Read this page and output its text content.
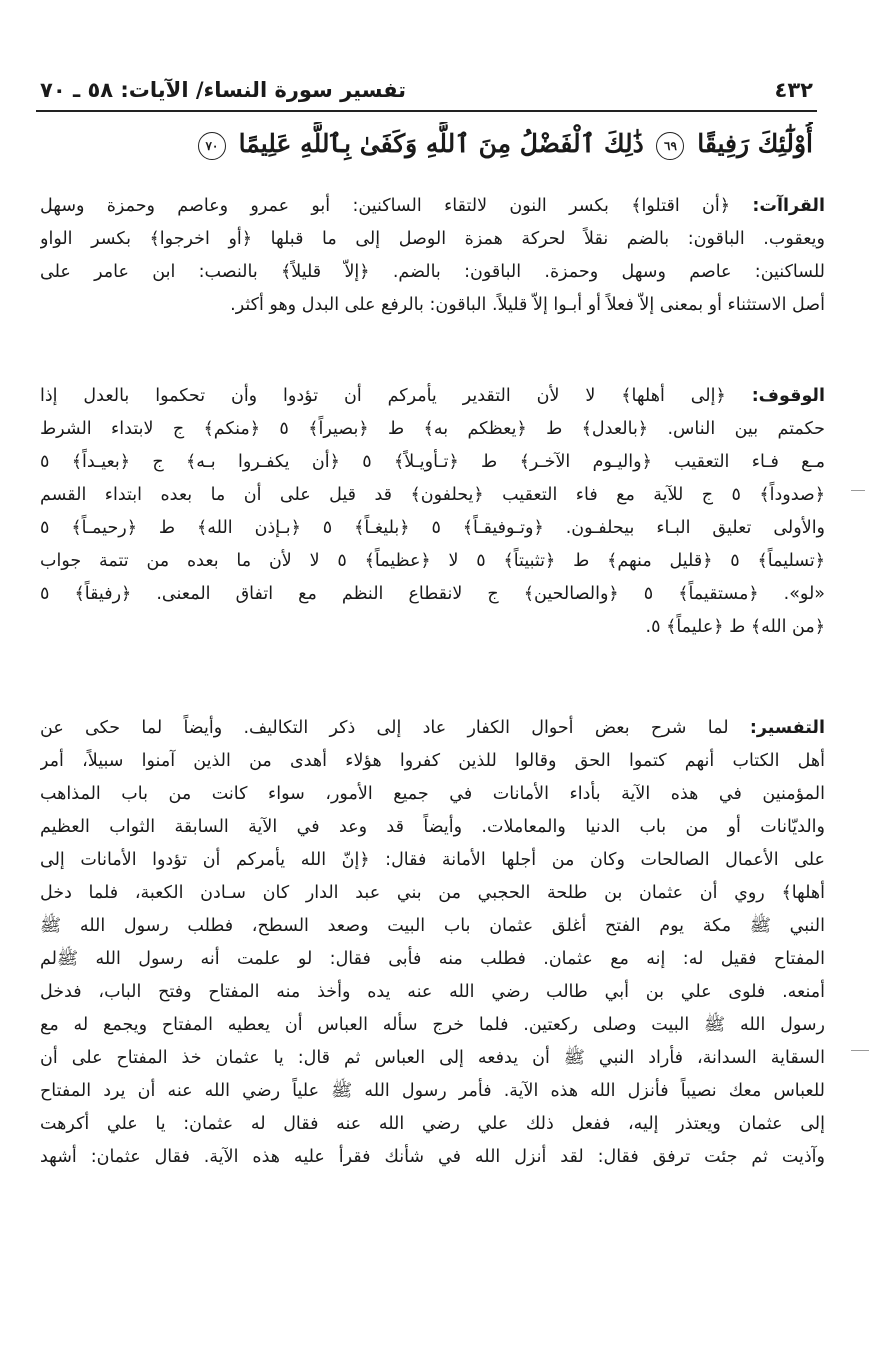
٤٣٢
تفسير سورة النساء/ الآيات: ٥٨ ـ ٧٠
أُوْلَٰٓئِكَ رَفِيقًا ٦٩ ذَٰلِكَ ٱلْفَضْلُ مِنَ ٱللَّهِ وَكَفَىٰ بِٱللَّهِ عَلِيمًا ٧٠
القراآت: ﴿أن اقتلوا﴾ بكسر النون لالتقاء الساكنين: أبو عمرو وعاصم وحمزة وسهل
ويعقوب. الباقون: بالضم نقلاً لحركة همزة الوصل إلى ما قبلها ﴿أو اخرجوا﴾ بكسر الواو
للساكنين: عاصم وسهل وحمزة. الباقون: بالضم. ﴿إلاّ قليلاً﴾ بالنصب: ابن عامر على
أصل الاستثناء أو بمعنى إلاّ فعلاً أو أبـوا إلاّ قليلاً. الباقون: بالرفع على البدل وهو أكثر.
الوقوف: ﴿إلى أهلها﴾ لا لأن التقدير يأمركم أن تؤدوا وأن تحكموا بالعدل إذا
حكمتم بين الناس. ﴿بالعدل﴾ ط ﴿يعظكم به﴾ ط ﴿بصيراً﴾ ٥ ﴿منكم﴾ ج لابتداء الشرط
مـع فـاء التعقيب ﴿واليـوم الآخـر﴾ ط ﴿تـأويـلاً﴾ ٥ ﴿أن يكفـروا بـه﴾ ج ﴿بعيـداً﴾ ٥
﴿صدوداً﴾ ٥ ج للآية مع فاء التعقيب ﴿يحلفون﴾ قد قيل على أن ما بعده ابتداء القسم
والأولى تعليق البـاء بيحلفـون. ﴿وتـوفيقـاً﴾ ٥ ﴿بليغـاً﴾ ٥ ﴿بـإذن الله﴾ ط ﴿رحيمـاً﴾ ٥
﴿تسليماً﴾ ٥ ﴿قليل منهم﴾ ط ﴿تثبيتاً﴾ ٥ لا ﴿عظيماً﴾ ٥ لا لأن ما بعده من تتمة جواب
«لو». ﴿مستقيماً﴾ ٥ ﴿والصالحين﴾ ج لانقطاع النظم مع اتفاق المعنى. ﴿رفيقاً﴾ ٥
﴿من الله﴾ ط ﴿عليماً﴾ ٥.
التفسير: لما شرح بعض أحوال الكفار عاد إلى ذكر التكاليف. وأيضاً لما حكى عن
أهل الكتاب أنهم كتموا الحق وقالوا للذين كفروا هؤلاء أهدى من الذين آمنوا سبيلاً، أمر
المؤمنين في هذه الآية بأداء الأمانات في جميع الأمور، سواء كانت من باب المذاهب
والديّانات أو من باب الدنيا والمعاملات. وأيضاً قد وعد في الآية السابقة الثواب العظيم
على الأعمال الصالحات وكان من أجلها الأمانة فقال: ﴿إنّ الله يأمركم أن تؤدوا الأمانات إلى
أهلها﴾ روي أن عثمان بن طلحة الحجبي من بني عبد الدار كان سـادن الكعبة، فلما دخل
النبي ﷺ مكة يوم الفتح أغلق عثمان باب البيت وصعد السطح، فطلب رسول الله ﷺ
المفتاح فقيل له: إنه مع عثمان. فطلب منه فأبى فقال: لو علمت أنه رسول الله ﷺلم
أمنعه. فلوى علي بن أبي طالب رضي الله عنه يده وأخذ منه المفتاح وفتح الباب، فدخل
رسول الله ﷺ البيت وصلى ركعتين. فلما خرج سأله العباس أن يعطيه المفتاح ويجمع له مع
السقاية السدانة، فأراد النبي ﷺ أن يدفعه إلى العباس ثم قال: يا عثمان خذ المفتاح على أن
للعباس معك نصيباً فأنزل الله هذه الآية. فأمر رسول الله ﷺ علياً رضي الله عنه أن يرد المفتاح
إلى عثمان ويعتذر إليه، ففعل ذلك علي رضي الله عنه فقال له عثمان: يا علي أكرهت
وآذيت ثم جئت ترفق فقال: لقد أنزل الله في شأنك فقرأ عليه هذه الآية. فقال عثمان: أشهد
